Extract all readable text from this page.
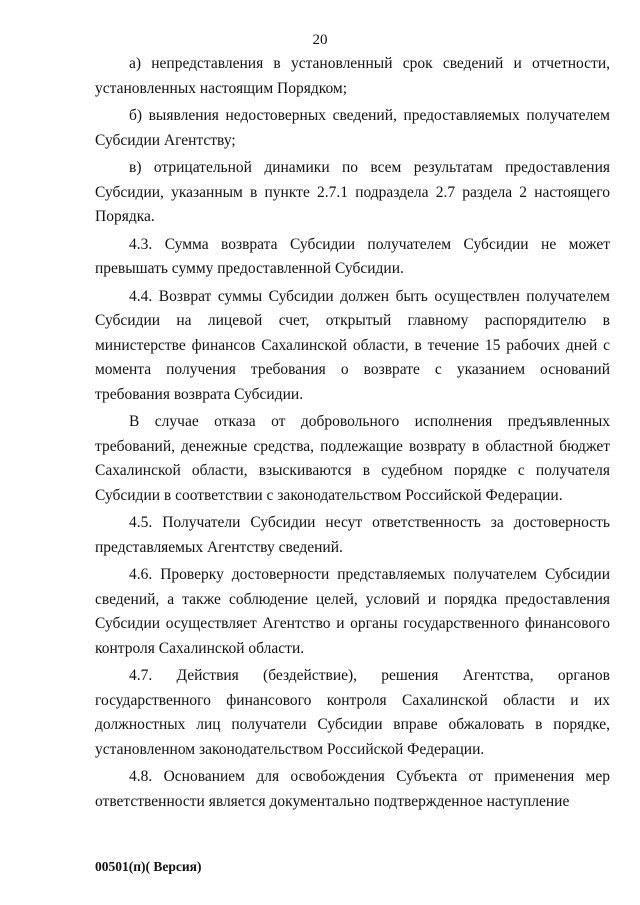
20

а) непредставления в установленный срок сведений и отчетности, установленных настоящим Порядком;

б) выявления недостоверных сведений, предоставляемых получателем Субсидии Агентству;

в) отрицательной динамики по всем результатам предоставления Субсидии, указанным в пункте 2.7.1 подраздела 2.7 раздела 2 настоящего Порядка.

4.3. Сумма возврата Субсидии получателем Субсидии не может превышать сумму предоставленной Субсидии.

4.4. Возврат суммы Субсидии должен быть осуществлен получателем Субсидии на лицевой счет, открытый главному распорядителю в министерстве финансов Сахалинской области, в течение 15 рабочих дней с момента получения требования о возврате с указанием оснований требования возврата Субсидии.

В случае отказа от добровольного исполнения предъявленных требований, денежные средства, подлежащие возврату в областной бюджет Сахалинской области, взыскиваются в судебном порядке с получателя Субсидии в соответствии с законодательством Российской Федерации.

4.5. Получатели Субсидии несут ответственность за достоверность представляемых Агентству сведений.

4.6. Проверку достоверности представляемых получателем Субсидии сведений, а также соблюдение целей, условий и порядка предоставления Субсидии осуществляет Агентство и органы государственного финансового контроля Сахалинской области.

4.7. Действия (бездействие), решения Агентства, органов государственного финансового контроля Сахалинской области и их должностных лиц получатели Субсидии вправе обжаловать в порядке, установленном законодательством Российской Федерации.

4.8. Основанием для освобождения Субъекта от применения мер ответственности является документально подтвержденное наступление

00501(п)( Версия)
